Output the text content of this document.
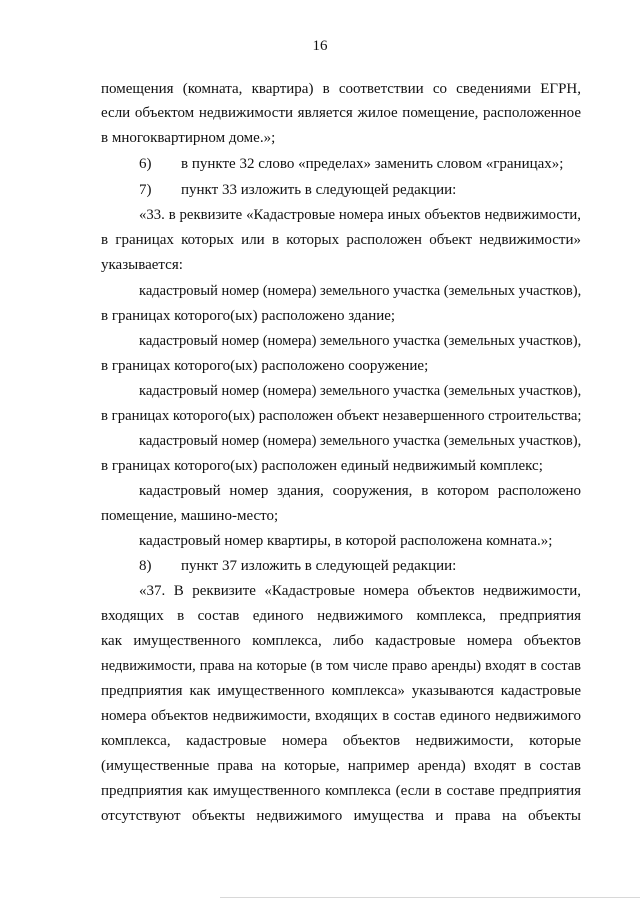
16
помещения (комната, квартира) в соответствии со сведениями ЕГРН,
если объектом недвижимости является жилое помещение, расположенное
в многоквартирном доме.»;
6) в пункте 32 слово «пределах» заменить словом «границах»;
7) пункт 33 изложить в следующей редакции:
«33. в реквизите «Кадастровые номера иных объектов недвижимости,
в границах которых или в которых расположен объект недвижимости»
указывается:
кадастровый номер (номера) земельного участка (земельных участков),
в границах которого(ых) расположено здание;
кадастровый номер (номера) земельного участка (земельных участков),
в границах которого(ых) расположено сооружение;
кадастровый номер (номера) земельного участка (земельных участков),
в границах которого(ых) расположен объект незавершенного строительства;
кадастровый номер (номера) земельного участка (земельных участков),
в границах которого(ых) расположен единый недвижимый комплекс;
кадастровый номер здания, сооружения, в котором расположено
помещение, машино-место;
кадастровый номер квартиры, в которой расположена комната.»;
8) пункт 37 изложить в следующей редакции:
«37. В реквизите «Кадастровые номера объектов недвижимости,
входящих в состав единого недвижимого комплекса, предприятия
как имущественного комплекса, либо кадастровые номера объектов
недвижимости, права на которые (в том числе право аренды) входят в состав
предприятия как имущественного комплекса» указываются кадастровые
номера объектов недвижимости, входящих в состав единого недвижимого
комплекса, кадастровые номера объектов недвижимости, которые
(имущественные права на которые, например аренда) входят в состав
предприятия как имущественного комплекса (если в составе предприятия
отсутствуют объекты недвижимого имущества и права на объекты
